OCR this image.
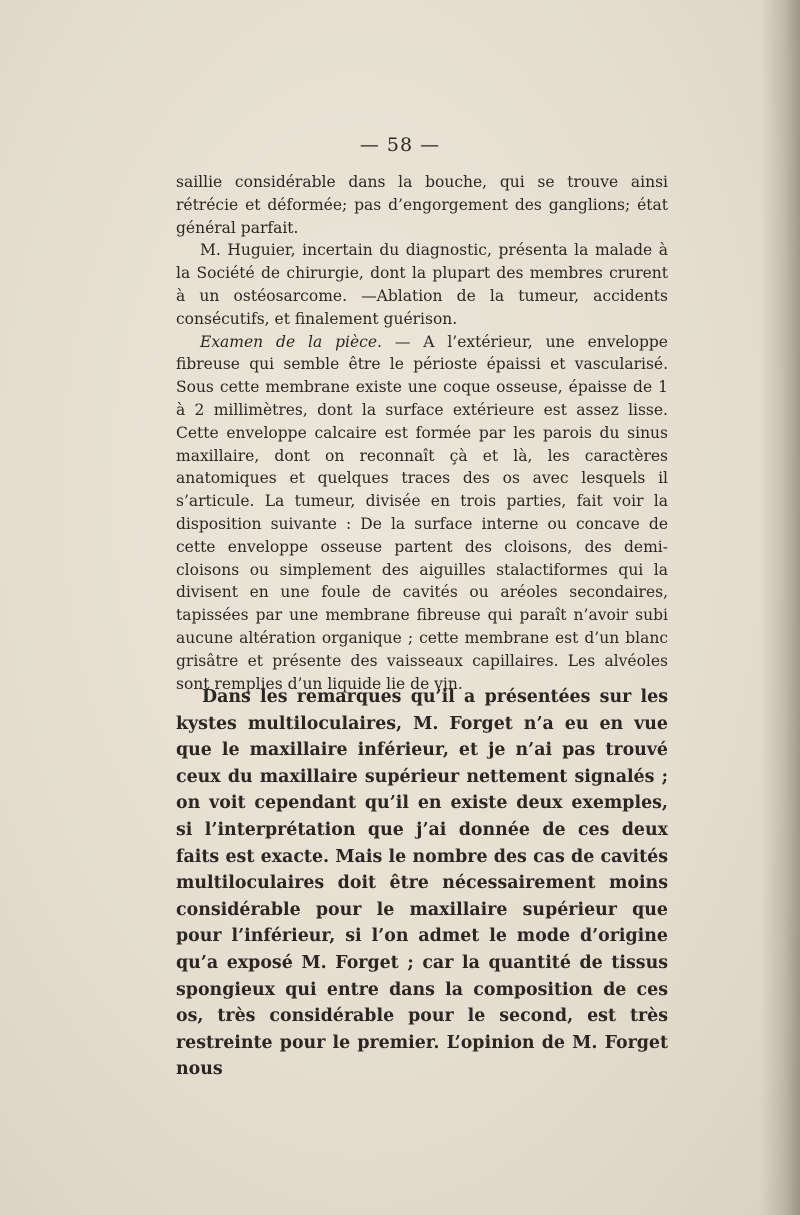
— 58 —

saillie considérable dans la bouche, qui se trouve ainsi rétrécie et déformée; pas d’engorgement des ganglions; état général parfait.

M. Huguier, incertain du diagnostic, présenta la malade à la Société de chirurgie, dont la plupart des membres crurent à un ostéosarcome. —Ablation de la tumeur, accidents consécutifs, et finalement guérison.

Examen de la pièce. — A l’extérieur, une enveloppe fibreuse qui semble être le périoste épaissi et vascularisé. Sous cette membrane existe une coque osseuse, épaisse de 1 à 2 millimètres, dont la surface extérieure est assez lisse. Cette enveloppe calcaire est formée par les parois du sinus maxillaire, dont on reconnaît çà et là, les caractères anatomiques et quelques traces des os avec lesquels il s’articule. La tumeur, divisée en trois parties, fait voir la disposition suivante : De la surface interne ou concave de cette enveloppe osseuse partent des cloisons, des demi-cloisons ou simplement des aiguilles stalactiformes qui la divisent en une foule de cavités ou aréoles secondaires, tapissées par une membrane fibreuse qui paraît n’avoir subi aucune altération organique ; cette membrane est d’un blanc grisâtre et présente des vaisseaux capillaires. Les alvéoles sont remplies d’un liquide lie de vin.

Dans les remarques qu’il a présentées sur les kystes multiloculaires, M. Forget n’a eu en vue que le maxillaire inférieur, et je n’ai pas trouvé ceux du maxillaire supérieur nettement signalés ; on voit cependant qu’il en existe deux exemples, si l’interprétation que j’ai donnée de ces deux faits est exacte. Mais le nombre des cas de cavités multiloculaires doit être nécessairement moins considérable pour le maxillaire supérieur que pour l’inférieur, si l’on admet le mode d’origine qu’a exposé M. Forget ; car la quantité de tissus spongieux qui entre dans la composition de ces os, très considérable pour le second, est très restreinte pour le premier. L’opinion de M. Forget nous
